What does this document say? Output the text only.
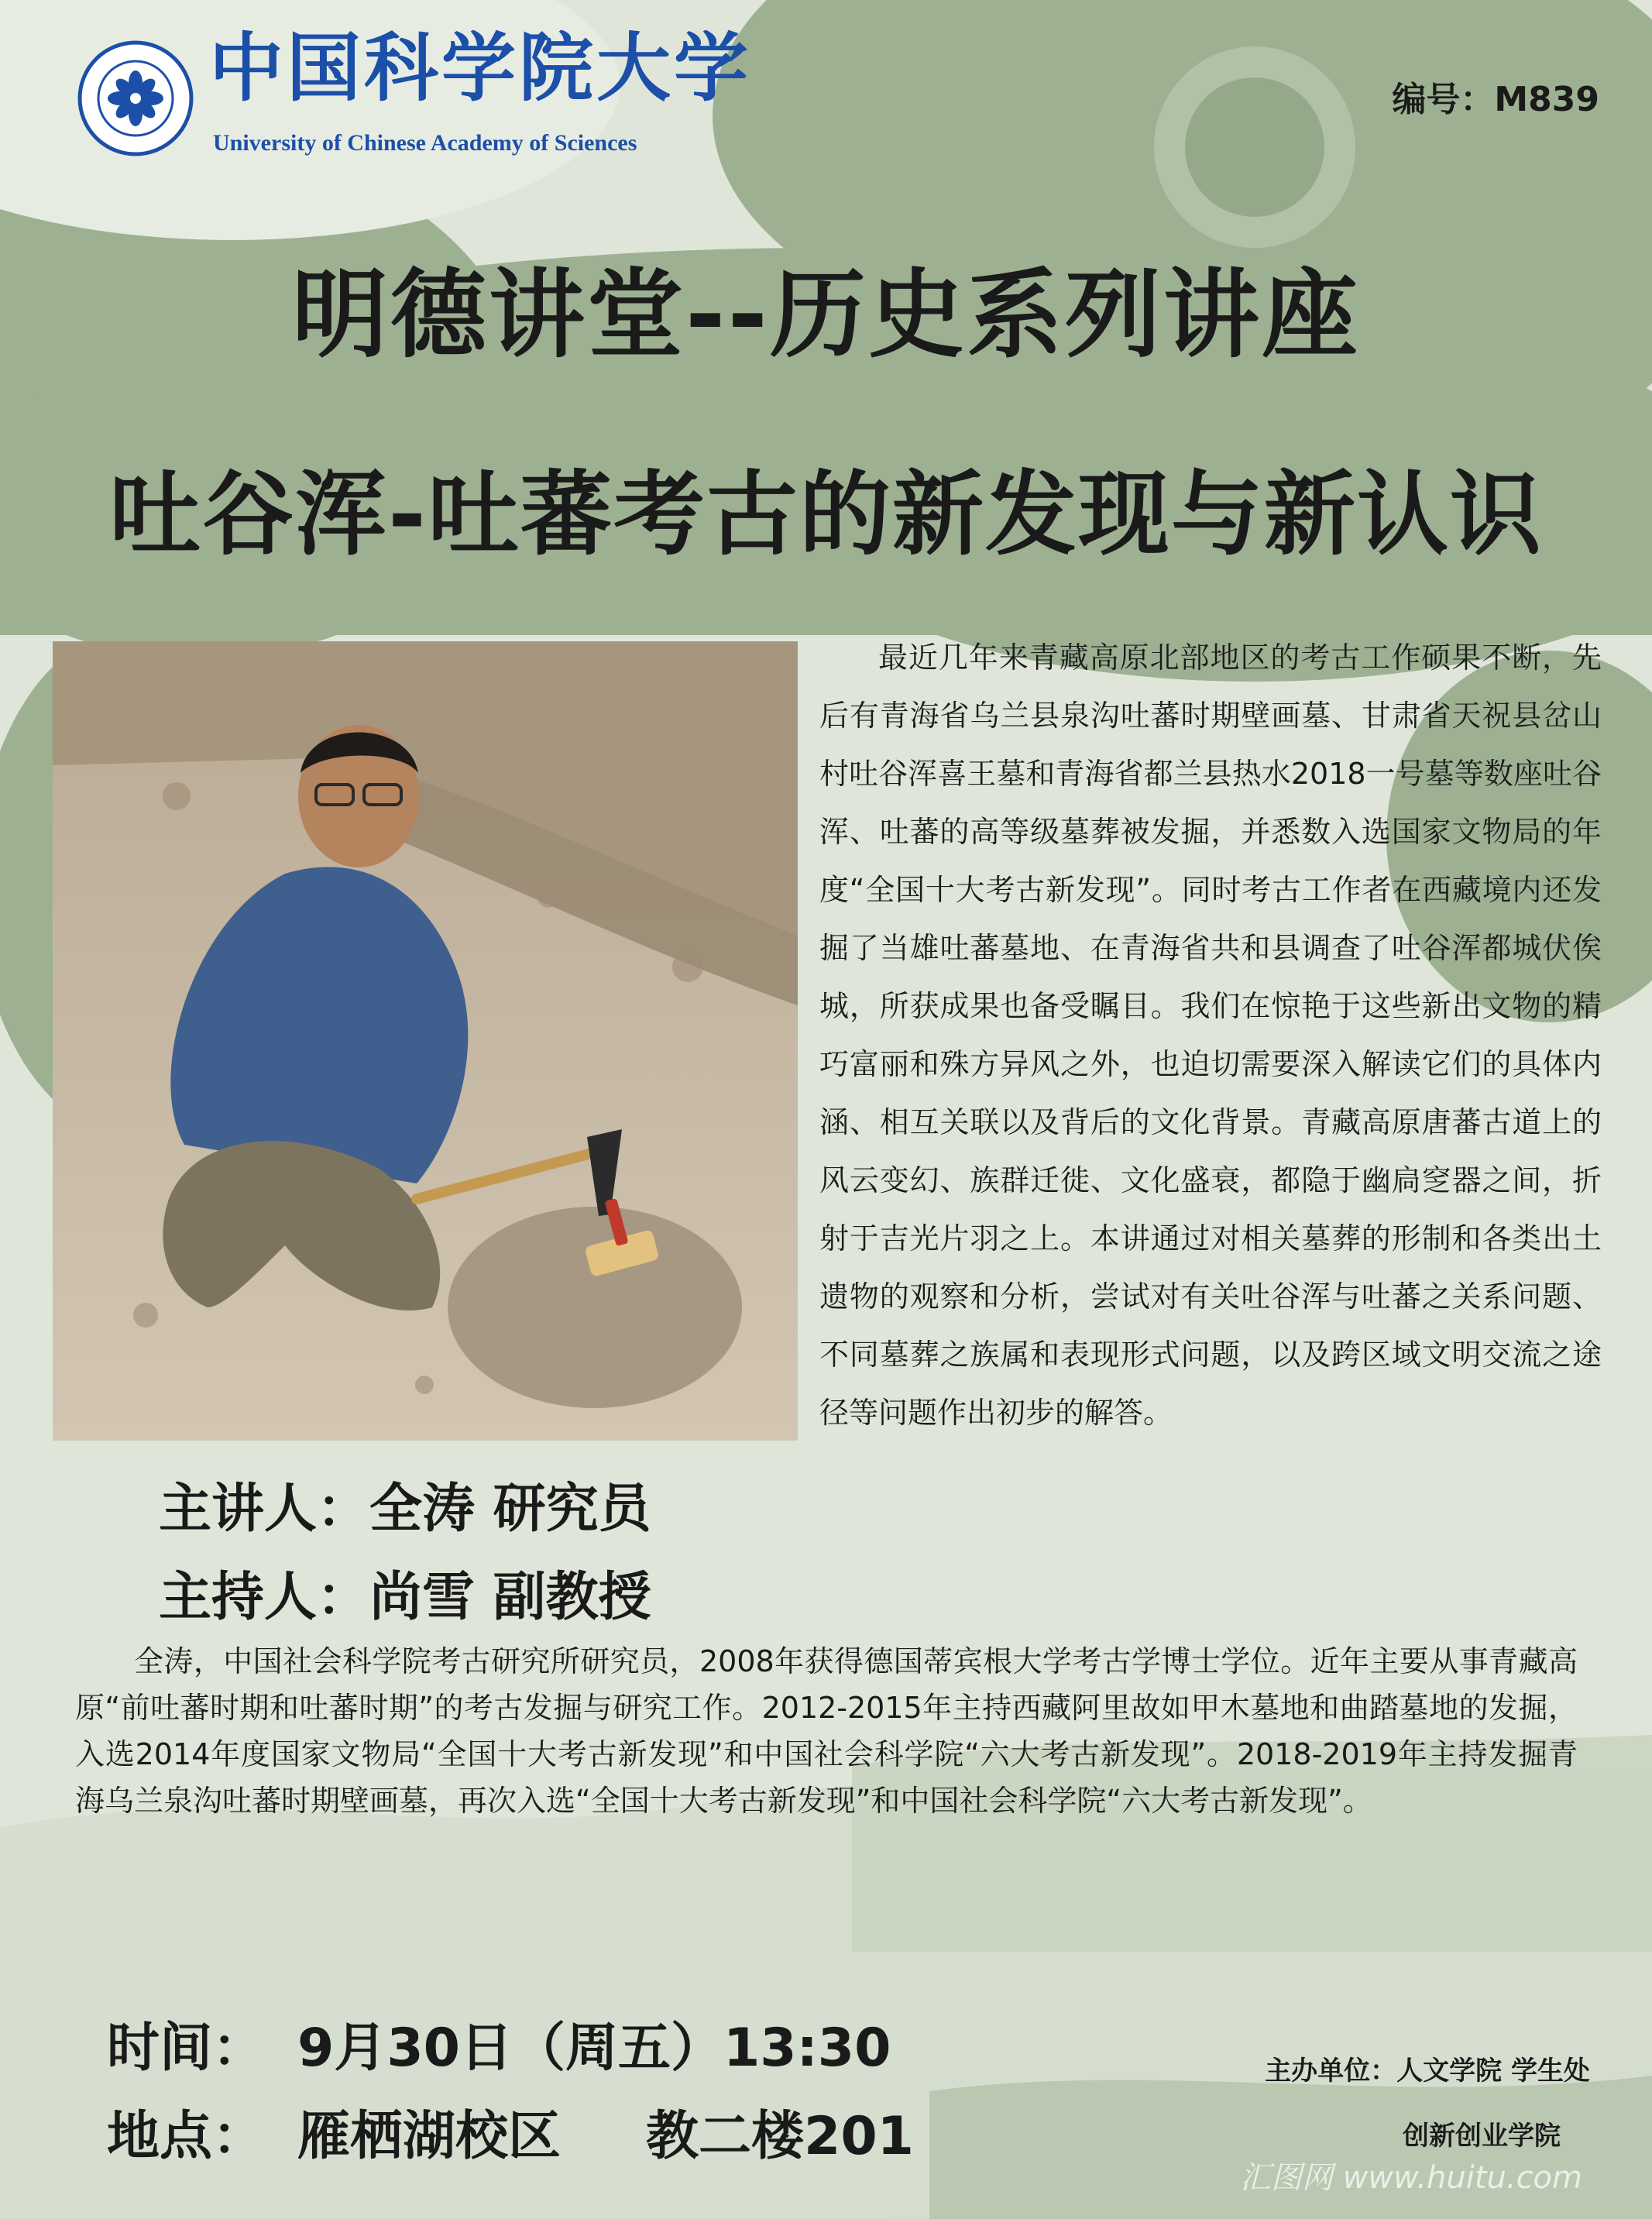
中国科学院大学
University of Chinese Academy of Sciences
编号：M839
明德讲堂--历史系列讲座
吐谷浑-吐蕃考古的新发现与新认识

最近几年来青藏高原北部地区的考古工作硕果不断，先后有青海省乌兰县泉沟吐蕃时期壁画墓、甘肃省天祝县岔山村吐谷浑喜王墓和青海省都兰县热水2018一号墓等数座吐谷浑、吐蕃的高等级墓葬被发掘，并悉数入选国家文物局的年度“全国十大考古新发现”。同时考古工作者在西藏境内还发掘了当雄吐蕃墓地、在青海省共和县调查了吐谷浑都城伏俟城，所获成果也备受瞩目。我们在惊艳于这些新出文物的精巧富丽和殊方异风之外，也迫切需要深入解读它们的具体内涵、相互关联以及背后的文化背景。青藏高原唐蕃古道上的风云变幻、族群迁徙、文化盛衰，都隐于幽扃窆器之间，折射于吉光片羽之上。本讲通过对相关墓葬的形制和各类出土遗物的观察和分析，尝试对有关吐谷浑与吐蕃之关系问题、不同墓葬之族属和表现形式问题，以及跨区域文明交流之途径等问题作出初步的解答。

主讲人：全涛 研究员
主持人：尚雪 副教授

全涛，中国社会科学院考古研究所研究员，2008年获得德国蒂宾根大学考古学博士学位。近年主要从事青藏高原“前吐蕃时期和吐蕃时期”的考古发掘与研究工作。2012-2015年主持西藏阿里故如甲木墓地和曲踏墓地的发掘，入选2014年度国家文物局“全国十大考古新发现”和中国社会科学院“六大考古新发现”。2018-2019年主持发掘青海乌兰泉沟吐蕃时期壁画墓，再次入选“全国十大考古新发现”和中国社会科学院“六大考古新发现”。

时间： 9月30日（周五）13:30
地点： 雁栖湖校区 教二楼201
主办单位：人文学院 学生处
创新创业学院
汇图网 www.huitu.com
